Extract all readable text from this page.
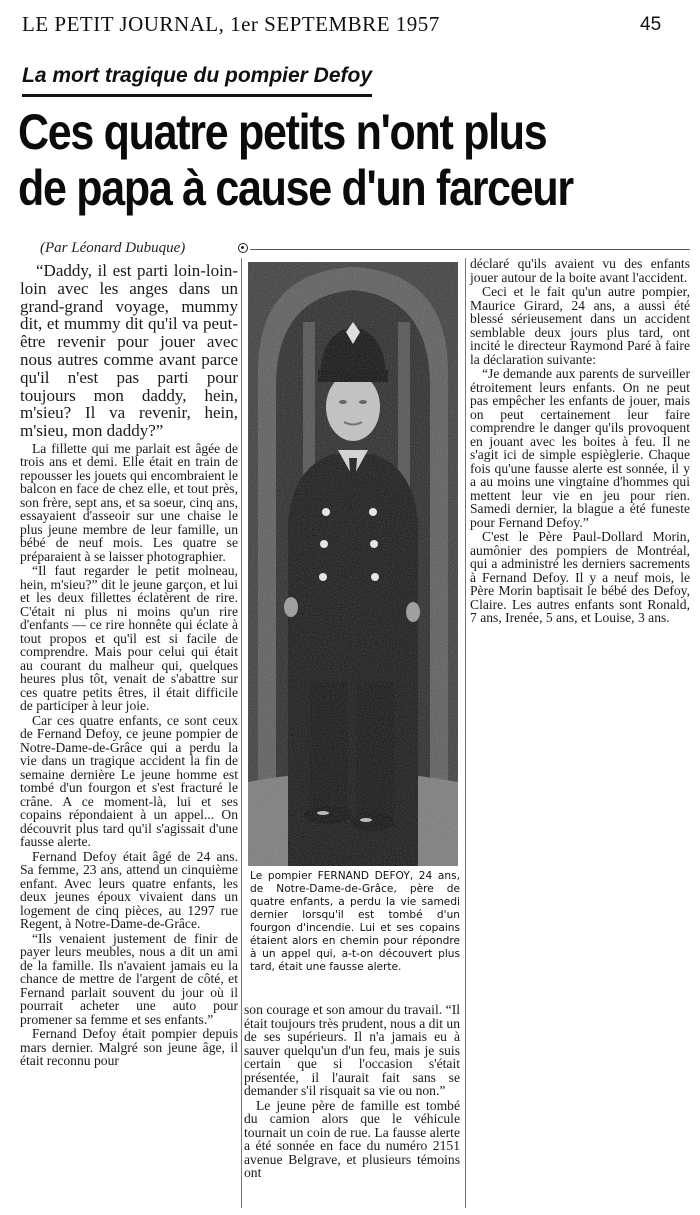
LE PETIT JOURNAL, 1er SEPTEMBRE 1957	45
La mort tragique du pompier Defoy
Ces quatre petits n'ont plus
de papa à cause d'un farceur
(Par Léonard Dubuque)

“Daddy, il est parti loin-loin-loin avec les anges dans un grand-grand voyage, mummy dit, et mummy dit qu'il va peut-être revenir pour jouer avec nous autres comme avant parce qu'il n'est pas parti pour toujours mon daddy, hein, m'sieu? Il va revenir, hein, m'sieu, mon daddy?”

La fillette qui me parlait est âgée de trois ans et demi. Elle était en train de repousser les jouets qui encombraient le balcon en face de chez elle, et tout près, son frère, sept ans, et sa soeur, cinq ans, essayaient d'asseoir sur une chaise le plus jeune membre de leur famille, un bébé de neuf mois. Les quatre se préparaient à se laisser photographier.

“Il faut regarder le petit molneau, hein, m'sieu?” dit le jeune garçon, et lui et les deux fillettes éclatèrent de rire. C'était ni plus ni moins qu'un rire d'enfants — ce rire honnête qui éclate à tout propos et qu'il est si facile de comprendre. Mais pour celui qui était au courant du malheur qui, quelques heures plus tôt, venait de s'abattre sur ces quatre petits êtres, il était difficile de participer à leur joie.

Car ces quatre enfants, ce sont ceux de Fernand Defoy, ce jeune pompier de Notre-Dame-de-Grâce qui a perdu la vie dans un tragique accident la fin de semaine dernière Le jeune homme est tombé d'un fourgon et s'est fracturé le crâne. A ce moment-là, lui et ses copains répondaient à un appel... On découvrit plus tard qu'il s'agissait d'une fausse alerte.

Fernand Defoy était âgé de 24 ans. Sa femme, 23 ans, attend un cinquième enfant. Avec leurs quatre enfants, les deux jeunes époux vivaient dans un logement de cinq pièces, au 1297 rue Regent, à Notre-Dame-de-Grâce.

“Ils venaient justement de finir de payer leurs meubles, nous a dit un ami de la famille. Ils n'avaient jamais eu la chance de mettre de l'argent de côté, et Fernand parlait souvent du jour où il pourrait acheter une auto pour promener sa femme et ses enfants.”

Fernand Defoy était pompier depuis mars dernier. Malgré son jeune âge, il était reconnu pour

Le pompier FERNAND DEFOY, 24 ans, de Notre-Dame-de-Grâce, père de quatre enfants, a perdu la vie samedi dernier lorsqu'il est tombé d'un fourgon d'incendie. Lui et ses copains étaient alors en chemin pour répondre à un appel qui, a-t-on découvert plus tard, était une fausse alerte.

son courage et son amour du travail. “Il était toujours très prudent, nous a dit un de ses supérieurs. Il n'a jamais eu à sauver quelqu'un d'un feu, mais je suis certain que si l'occasion s'était présentée, il l'aurait fait sans se demander s'il risquait sa vie ou non.”

Le jeune père de famille est tombé du camion alors que le véhicule tournait un coin de rue. La fausse alerte a été sonnée en face du numéro 2151 avenue Belgrave, et plusieurs témoins ont

déclaré qu'ils avaient vu des enfants jouer autour de la boite avant l'accident.

Ceci et le fait qu'un autre pompier, Maurice Girard, 24 ans, a aussi été blessé sérieusement dans un accident semblable deux jours plus tard, ont incité le directeur Raymond Paré à faire la déclaration suivante:

“Je demande aux parents de surveiller étroitement leurs enfants. On ne peut pas empêcher les enfants de jouer, mais on peut certainement leur faire comprendre le danger qu'ils provoquent en jouant avec les boites à feu. Il ne s'agit ici de simple espièglerie. Chaque fois qu'une fausse alerte est sonnée, il y a au moins une vingtaine d'hommes qui mettent leur vie en jeu pour rien. Samedi dernier, la blague a été funeste pour Fernand Defoy.”

C'est le Père Paul-Dollard Morin, aumônier des pompiers de Montréal, qui a administré les derniers sacrements à Fernand Defoy. Il y a neuf mois, le Père Morin baptisait le bébé des Defoy, Claire. Les autres enfants sont Ronald, 7 ans, Irenée, 5 ans, et Louise, 3 ans.
